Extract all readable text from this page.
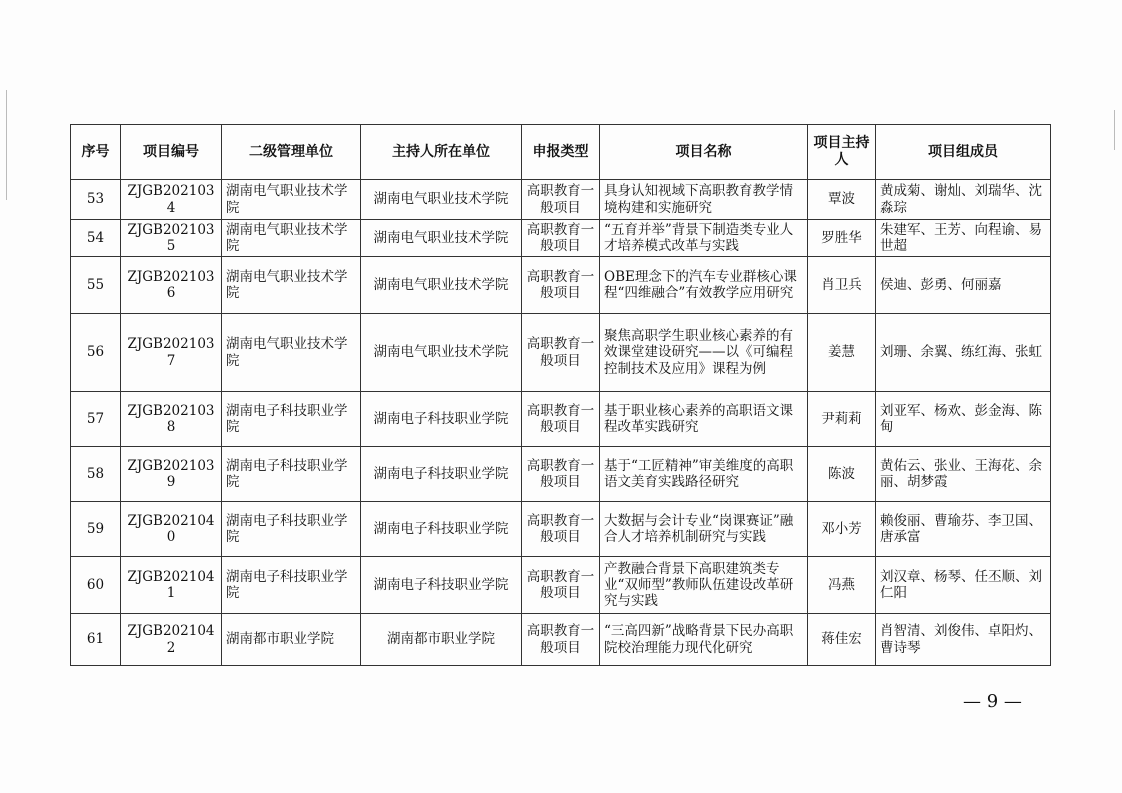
序号	项目编号	二级管理单位	主持人所在单位	申报类型	项目名称	项目主持人	项目组成员
53	ZJGB2021034	湖南电气职业技术学院	湖南电气职业技术学院	高职教育一般项目	具身认知视域下高职教育教学情境构建和实施研究	覃波	黄成菊、谢灿、刘瑞华、沈淼琮
54	ZJGB2021035	湖南电气职业技术学院	湖南电气职业技术学院	高职教育一般项目	“五育并举”背景下制造类专业人才培养模式改革与实践	罗胜华	朱建军、王芳、向程谕、易世超
55	ZJGB2021036	湖南电气职业技术学院	湖南电气职业技术学院	高职教育一般项目	OBE理念下的汽车专业群核心课程“四维融合”有效教学应用研究	肖卫兵	侯迪、彭勇、何丽嘉
56	ZJGB2021037	湖南电气职业技术学院	湖南电气职业技术学院	高职教育一般项目	聚焦高职学生职业核心素养的有效课堂建设研究——以《可编程控制技术及应用》课程为例	姜慧	刘珊、余翼、练红海、张虹
57	ZJGB2021038	湖南电子科技职业学院	湖南电子科技职业学院	高职教育一般项目	基于职业核心素养的高职语文课程改革实践研究	尹莉莉	刘亚军、杨欢、彭金海、陈甸
58	ZJGB2021039	湖南电子科技职业学院	湖南电子科技职业学院	高职教育一般项目	基于“工匠精神”审美维度的高职语文美育实践路径研究	陈波	黄佑云、张业、王海花、余丽、胡梦霞
59	ZJGB2021040	湖南电子科技职业学院	湖南电子科技职业学院	高职教育一般项目	大数据与会计专业“岗课赛证”融合人才培养机制研究与实践	邓小芳	赖俊丽、曹瑜芬、李卫国、唐承富
60	ZJGB2021041	湖南电子科技职业学院	湖南电子科技职业学院	高职教育一般项目	产教融合背景下高职建筑类专业“双师型”教师队伍建设改革研究与实践	冯燕	刘汉章、杨琴、任丕顺、刘仁阳
61	ZJGB2021042	湖南都市职业学院	湖南都市职业学院	高职教育一般项目	“三高四新”战略背景下民办高职院校治理能力现代化研究	蒋佳宏	肖智清、刘俊伟、卓阳灼、曹诗琴
— 9 —
